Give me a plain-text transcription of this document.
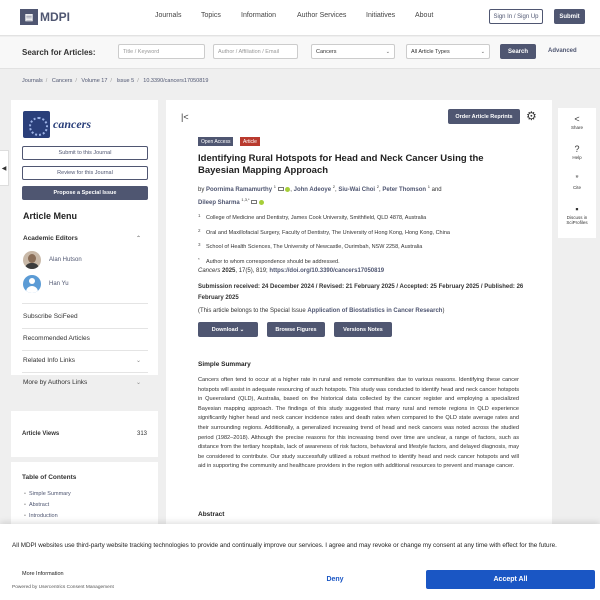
▤ MDPI	Journals	Topics	Information	Author Services	Initiatives	About	Sign In / Sign Up	Submit
Search for Articles:	Title / Keyword	Author / Affiliation / Email	Cancers	⌄	All Article Types	⌄	Search	Advanced
Journals / Cancers / Volume 17 / Issue 5 / 10.3390/cancers17050819
◀
cancers
Submit to this Journal
Review for this Journal
Propose a Special Issue
Article Menu
Academic Editors	⌃
Alan Hutson
Han Yu
Subscribe SciFeed
Recommended Articles
Related Info Links	⌄
More by Authors Links	⌄
Article Views	313
Table of Contents
• Simple Summary
• Abstract
• Introduction
|<	Order Article Reprints	⚙
Open Access	Article
Identifying Rural Hotspots for Head and Neck Cancer Using the Bayesian Mapping Approach
by Poornima Ramamurthy $^1$  , John Adeoye $^2$, Siu-Wai Choi $^2$, Peter Thomson $^1$ and
Dileep Sharma $^{1,3,*}$
1 College of Medicine and Dentistry, James Cook University, Smithfield, QLD 4878, Australia
2 Oral and Maxillofacial Surgery, Faculty of Dentistry, The University of Hong Kong, Hong Kong, China
3 School of Health Sciences, The University of Newcastle, Ourimbah, NSW 2258, Australia
* Author to whom correspondence should be addressed.
Cancers 2025, 17(5), 819; https://doi.org/10.3390/cancers17050819
Submission received: 24 December 2024 / Revised: 21 February 2025 / Accepted: 25 February 2025 / Published: 26 February 2025
(This article belongs to the Special Issue Application of Biostatistics in Cancer Research)
Download
⌄	Browse Figures	Versions Notes
Simple Summary
Cancers often tend to occur at a higher rate in rural and remote communities due to various reasons. Identifying these cancer hotspots will assist in adequate resourcing of such hotspots. This study was conducted to identify head and neck cancer hotspots in Queensland (QLD), Australia, based on the historical data collected by the cancer register and employing a specialized Bayesian mapping approach. The findings of this study suggested that many rural and remote regions in QLD experience significantly higher head and neck cancer incidence rates and death rates when compared to the QLD state average rates and their surrounding regions. Additionally, a generalized increasing trend of head and neck cancers was noted across the studied period (1982–2018). Although the precise reasons for this increasing trend over time are unclear, a range of factors, such as distance from the tertiary hospitals, lack of awareness of risk factors, behavioral and lifestyle factors, and delayed diagnosis, may be considered to contribute. Our study successfully utilized a robust method to identify head and neck cancer hotspots and will aid in supporting the community and healthcare providers in the region with additional resources to prevent and manage cancer.
Abstract
<
Share
?
Help
”
Cite
▪
Discuss in SciProfiles
All MDPI websites use third-party website tracking technologies to provide and continually improve our services. I agree and may revoke or change my consent at any time with effect for the future.
More Information
Powered by Usercentrics Consent Management
Deny	Accept All
